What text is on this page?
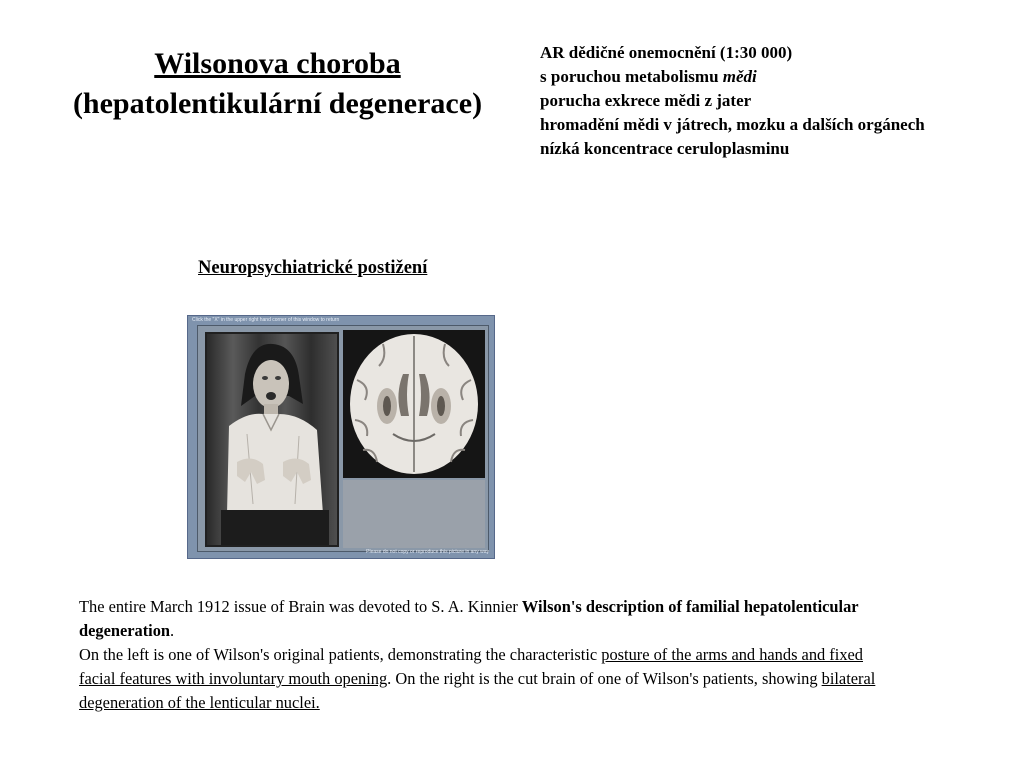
Wilsonova choroba
(hepatolentikulární degenerace)
AR dědičné onemocnění (1:30 000)
s poruchou metabolismu mědi
porucha exkrece mědi z jater
hromadění mědi v játrech, mozku a dalších orgánech
nízká koncentrace ceruloplasminu
Neuropsychiatrické postižení
Click the "X" in the upper right hand corner of this window to return
Please do not copy or reproduce this picture in any way
The entire March 1912 issue of Brain was devoted to S. A. Kinnier Wilson's description of familial hepatolenticular degeneration.
On the left is one of Wilson's original patients, demonstrating the characteristic posture of the arms and hands and fixed facial features with involuntary mouth opening. On the right is the cut brain of one of Wilson's patients, showing bilateral degeneration of the lenticular nuclei.
